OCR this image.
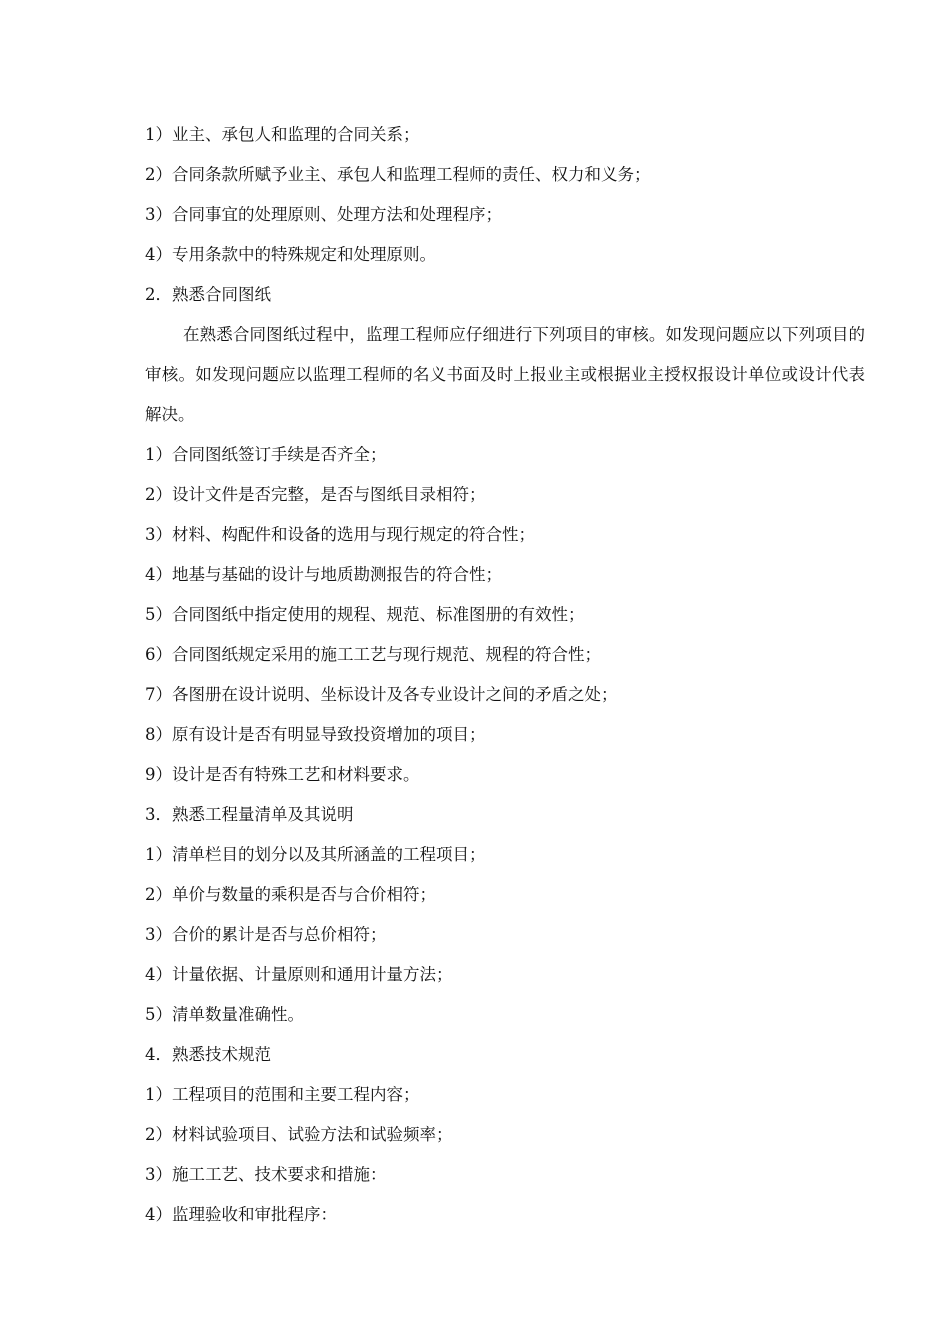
1）业主、承包人和监理的合同关系；

2）合同条款所赋予业主、承包人和监理工程师的责任、权力和义务；

3）合同事宜的处理原则、处理方法和处理程序；

4）专用条款中的特殊规定和处理原则。

2．熟悉合同图纸

在熟悉合同图纸过程中，监理工程师应仔细进行下列项目的审核。如发现问题应以下列项目的审核。如发现问题应以监理工程师的名义书面及时上报业主或根据业主授权报设计单位或设计代表解决。

1）合同图纸签订手续是否齐全；

2）设计文件是否完整，是否与图纸目录相符；

3）材料、构配件和设备的选用与现行规定的符合性；

4）地基与基础的设计与地质勘测报告的符合性；

5）合同图纸中指定使用的规程、规范、标准图册的有效性；

6）合同图纸规定采用的施工工艺与现行规范、规程的符合性；

7）各图册在设计说明、坐标设计及各专业设计之间的矛盾之处；

8）原有设计是否有明显导致投资增加的项目；

9）设计是否有特殊工艺和材料要求。

3．熟悉工程量清单及其说明

1）清单栏目的划分以及其所涵盖的工程项目；

2）单价与数量的乘积是否与合价相符；

3）合价的累计是否与总价相符；

4）计量依据、计量原则和通用计量方法；

5）清单数量准确性。

4．熟悉技术规范

1）工程项目的范围和主要工程内容；

2）材料试验项目、试验方法和试验频率；

3）施工工艺、技术要求和措施：

4）监理验收和审批程序：
